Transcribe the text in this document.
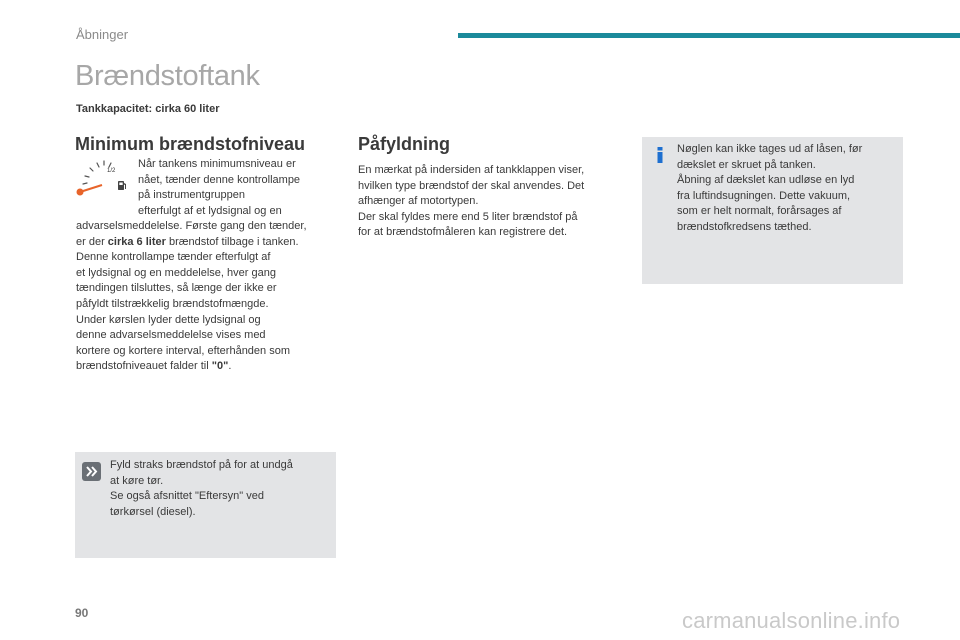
Åbninger
Brændstoftank
Tankkapacitet: cirka 60 liter
Minimum brændstofniveau
1/2

Når tankens minimumsniveau er

nået, tænder denne kontrollampe

på instrumentgruppen

efterfulgt af et lydsignal og en

advarselsmeddelelse. Første gang den tænder,

er der cirka 6 liter brændstof tilbage i tanken.

Denne kontrollampe tænder efterfulgt af

et lydsignal og en meddelelse, hver gang

tændingen tilsluttes, så længe der ikke er

påfyldt tilstrækkelig brændstofmængde.

Under kørslen lyder dette lydsignal og

denne advarselsmeddelelse vises med

kortere og kortere interval, efterhånden som

brændstofniveauet falder til "0".

Påfyldning

En mærkat på indersiden af tankklappen viser,

hvilken type brændstof der skal anvendes. Det

afhænger af motortypen.

Der skal fyldes mere end 5 liter brændstof på

for at brændstofmåleren kan registrere det.

Nøglen kan ikke tages ud af låsen, før

dækslet er skruet på tanken.

Åbning af dækslet kan udløse en lyd

fra luftindsugningen. Dette vakuum,

som er helt normalt, forårsages af

brændstofkredsens tæthed.

Fyld straks brændstof på for at undgå

at køre tør.

Se også afsnittet "Eftersyn" ved

tørkørsel (diesel).

90	carmanualsonline.info
